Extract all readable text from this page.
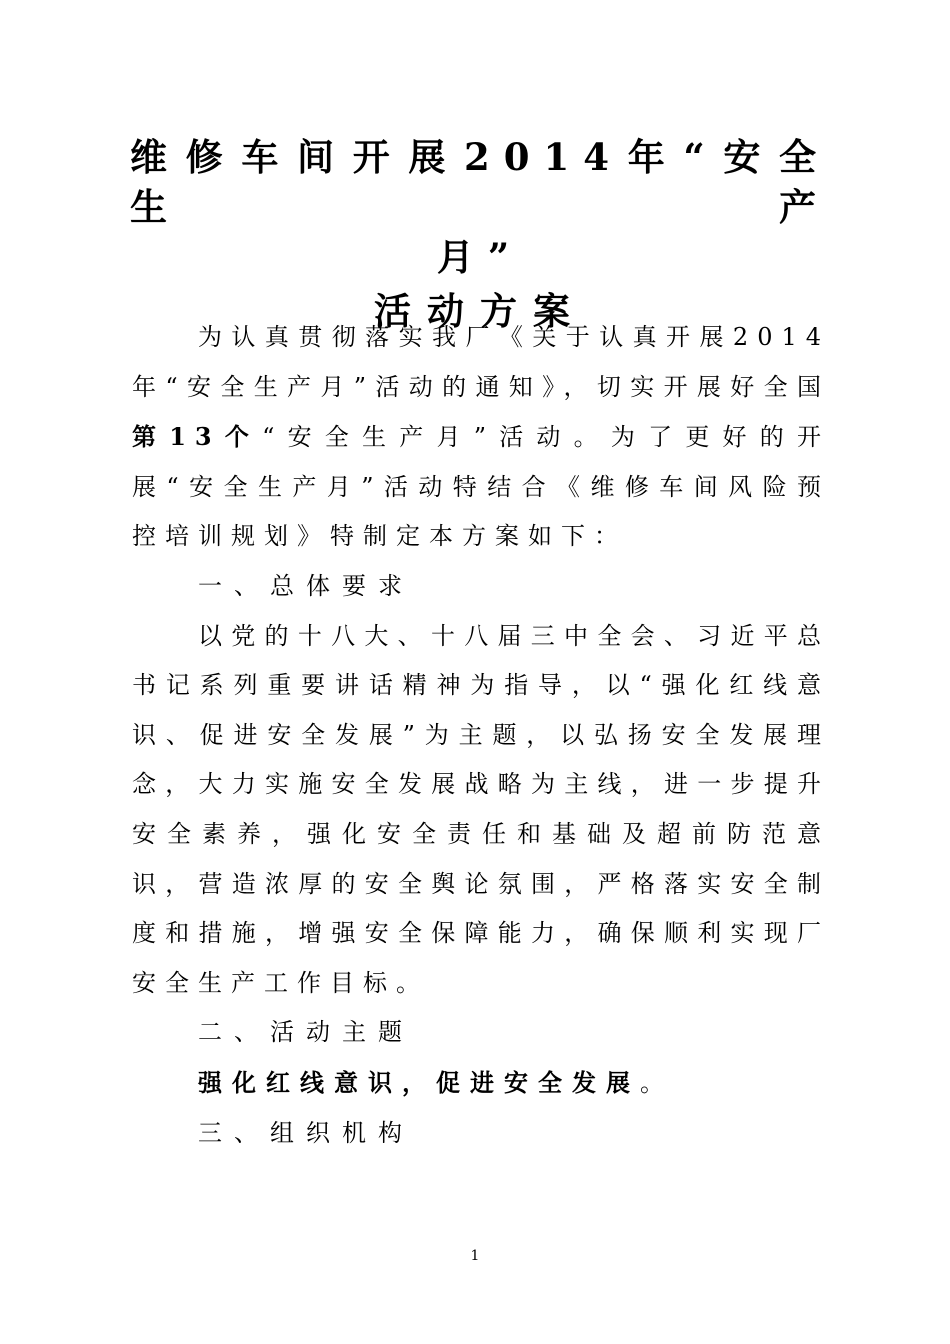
维修车间开展2014年“安全生产
月”
活动方案

为认真贯彻落实我厂《关于认真开展2014年“安全生产月”活动的通知》，切实开展好全国第13个“安全生产月”活动。为了更好的开展“安全生产月”活动特结合《维修车间风险预控培训规划》特制定本方案如下：

一、总体要求

以党的十八大、十八届三中全会、习近平总书记系列重要讲话精神为指导，以“强化红线意识、促进安全发展”为主题，以弘扬安全发展理念，大力实施安全发展战略为主线，进一步提升安全素养，强化安全责任和基础及超前防范意识，营造浓厚的安全舆论氛围，严格落实安全制度和措施，增强安全保障能力，确保顺利实现厂安全生产工作目标。

二、活动主题

强化红线意识，促进安全发展。

三、组织机构

1
